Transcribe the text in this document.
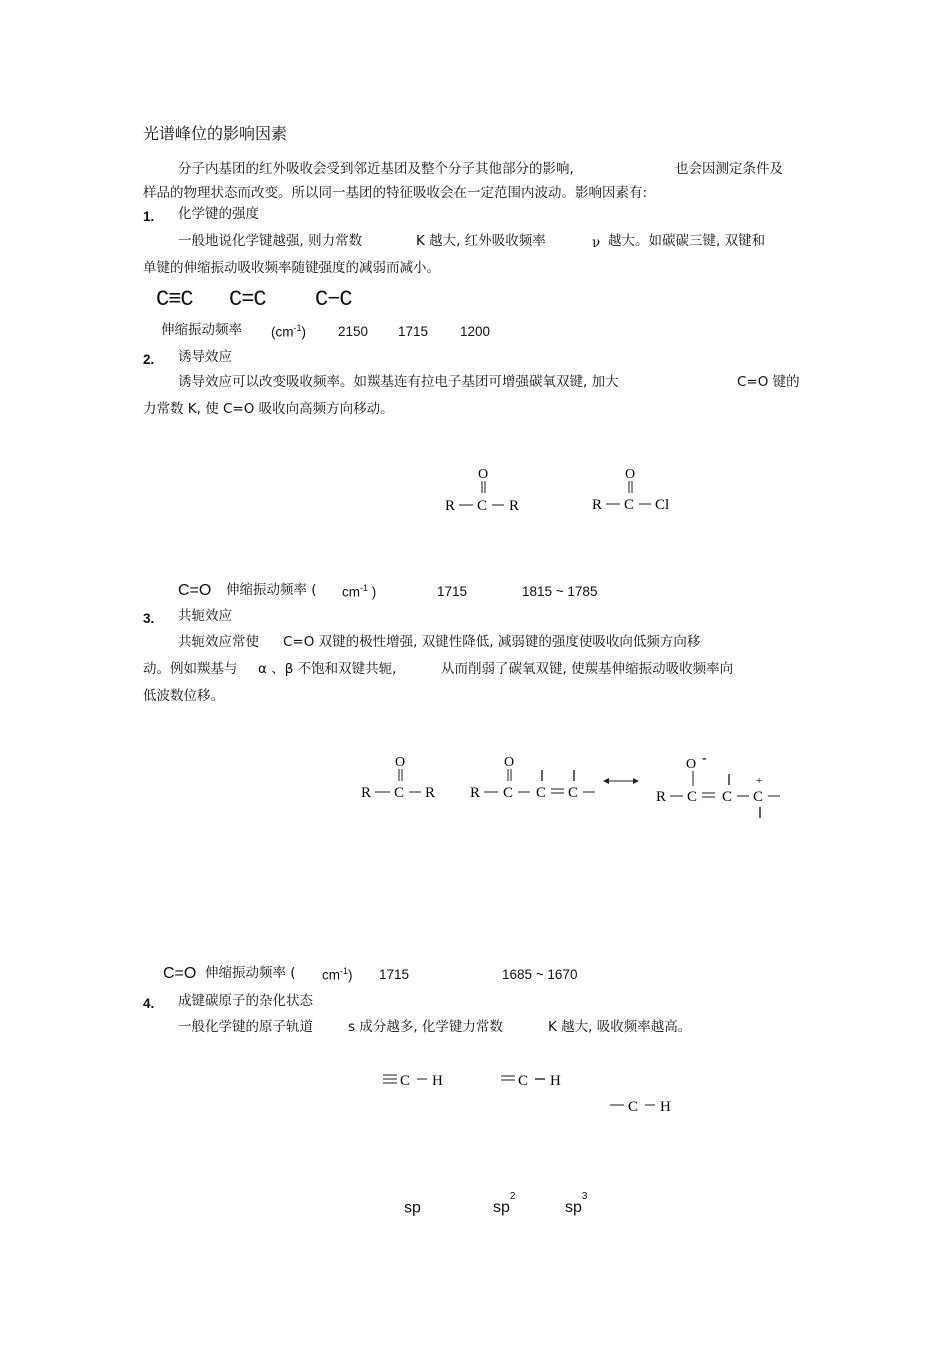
光谱峰位的影响因素
分子内基团的红外吸收会受到邻近基团及整个分子其他部分的影响,	也会因测定条件及
样品的物理状态而改变。所以同一基团的特征吸收会在一定范围内波动。影响因素有:
1. 化学键的强度
一般地说化学键越强, 则力常数	K 越大, 红外吸收频率	ν 越大。如碳碳三键, 双键和
单键的伸缩振动吸收频率随键强度的减弱而减小。
C≡C C=C C−C
伸缩振动频率 $(cm^{-1})$ 2150 1715 1200
2. 诱导效应
诱导效应可以改变吸收频率。如羰基连有拉电子基团可增强碳氧双键, 加大	C=O 键的
力常数 K, 使 C=O 吸收向高频方向移动。
O
R C R
O
R C Cl
C=O 伸缩振动频率 ( $cm^{-1}$ )	1715	1815 ~ 1785
3. 共轭效应
共轭效应常使 C=O 双键的极性增强, 双键性降低, 减弱键的强度使吸收向低频方向移
动。例如羰基与 α 、β 不饱和双键共轭,	从而削弱了碳氧双键, 使羰基伸缩振动吸收频率向
低波数位移。
O
R C R
O
R C C C
O -
R C C
+
C
C=O 伸缩振动频率 ( $cm^{-1}$) 1715	1685 ~ 1670
4. 成键碳原子的杂化状态
一般化学键的原子轨道	s 成分越多, 化学键力常数	K 越大, 吸收频率越高。
C H	C H
C H
sp	$sp^2$
$sp^3$
